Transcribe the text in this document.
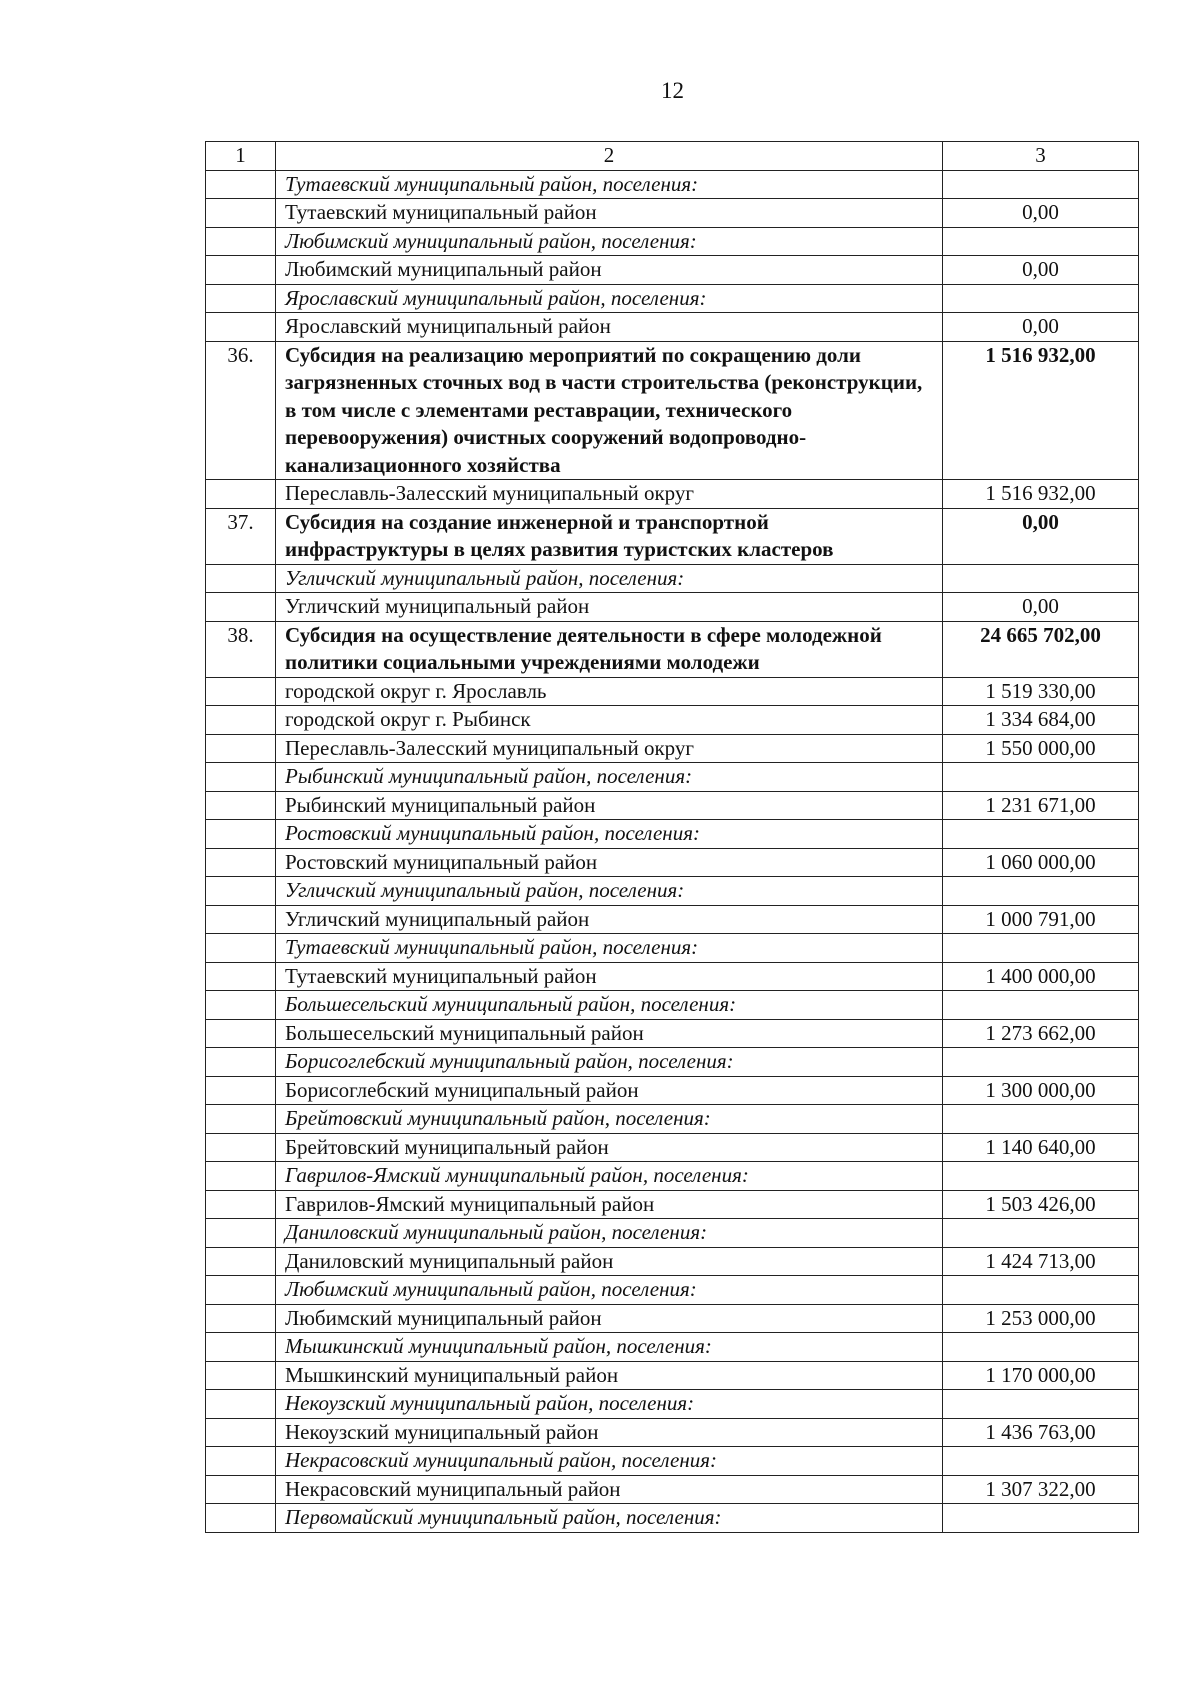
12
1	2	3
	Тутаевский муниципальный район, поселения:	
	Тутаевский муниципальный район	0,00
	Любимский муниципальный район, поселения:	
	Любимский муниципальный район	0,00
	Ярославский муниципальный район, поселения:	
	Ярославский муниципальный район	0,00
36.	Субсидия на реализацию мероприятий по сокращению доли загрязненных сточных вод в части строительства (реконструкции, в том числе с элементами реставрации, технического перевооружения) очистных сооружений водопроводно-канализационного хозяйства	1 516 932,00
	Переславль-Залесский муниципальный округ	1 516 932,00
37.	Субсидия на создание инженерной и транспортной инфраструктуры в целях развития туристских кластеров	0,00
	Угличский муниципальный район, поселения:	
	Угличский муниципальный район	0,00
38.	Субсидия на осуществление деятельности в сфере молодежной политики социальными учреждениями молодежи	24 665 702,00
	городской округ г. Ярославль	1 519 330,00
	городской округ г. Рыбинск	1 334 684,00
	Переславль-Залесский муниципальный округ	1 550 000,00
	Рыбинский муниципальный район, поселения:	
	Рыбинский муниципальный район	1 231 671,00
	Ростовский муниципальный район, поселения:	
	Ростовский муниципальный район	1 060 000,00
	Угличский муниципальный район, поселения:	
	Угличский муниципальный район	1 000 791,00
	Тутаевский муниципальный район, поселения:	
	Тутаевский муниципальный район	1 400 000,00
	Большесельский муниципальный район, поселения:	
	Большесельский муниципальный район	1 273 662,00
	Борисоглебский муниципальный район, поселения:	
	Борисоглебский муниципальный район	1 300 000,00
	Брейтовский муниципальный район, поселения:	
	Брейтовский муниципальный район	1 140 640,00
	Гаврилов-Ямский муниципальный район, поселения:	
	Гаврилов-Ямский муниципальный район	1 503 426,00
	Даниловский муниципальный район, поселения:	
	Даниловский муниципальный район	1 424 713,00
	Любимский муниципальный район, поселения:	
	Любимский муниципальный район	1 253 000,00
	Мышкинский муниципальный район, поселения:	
	Мышкинский муниципальный район	1 170 000,00
	Некоузский муниципальный район, поселения:	
	Некоузский муниципальный район	1 436 763,00
	Некрасовский муниципальный район, поселения:	
	Некрасовский муниципальный район	1 307 322,00
	Первомайский муниципальный район, поселения:	
